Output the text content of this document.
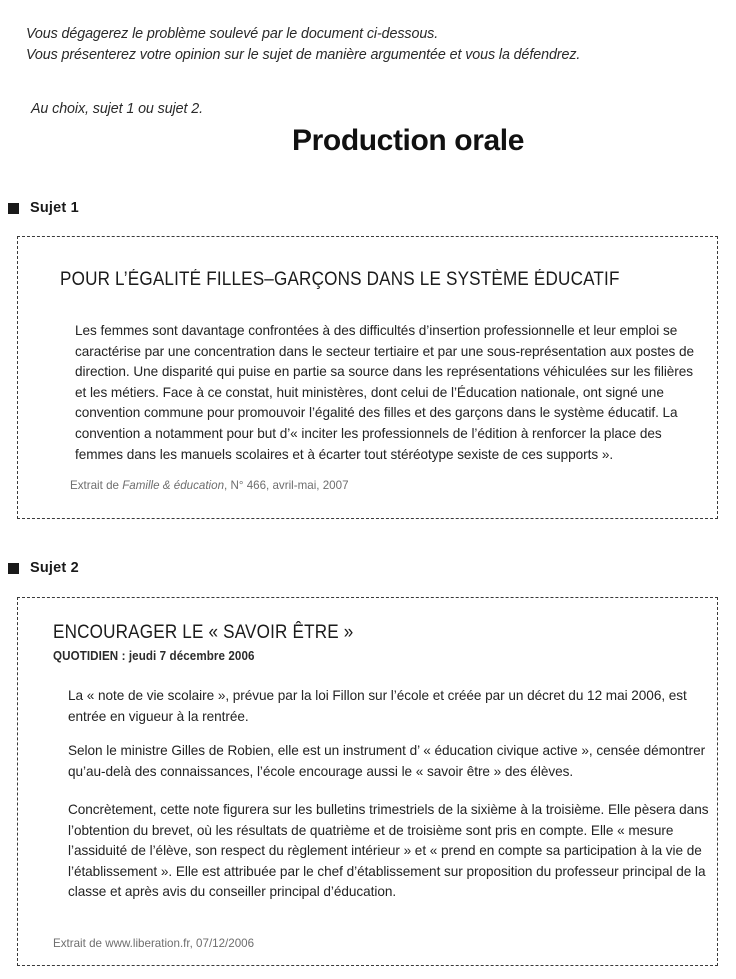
Vous dégagerez le problème soulevé par le document ci-dessous.

Vous présenterez votre opinion sur le sujet de manière argumentée et vous la défendrez.

Au choix, sujet 1 ou sujet 2.
Production orale
Sujet 1
POUR L’ÉGALITÉ FILLES–GARÇONS DANS LE SYSTÈME ÉDUCATIF
Les femmes sont davantage confrontées à des difficultés d’insertion professionnelle et leur emploi se caractérise par une concentration dans le secteur tertiaire et par une sous-représentation aux postes de direction. Une disparité qui puise en partie sa source dans les représentations véhiculées sur les filières et les métiers. Face à ce constat, huit ministères, dont celui de l’Éducation nationale, ont signé une convention commune pour promouvoir l’égalité des filles et des garçons dans le système éducatif. La convention a notamment pour but d’« inciter les professionnels de l’édition à renforcer la place des femmes dans les manuels scolaires et à écarter tout stéréotype sexiste de ces supports ».
Extrait de Famille & éducation, N° 466, avril-mai, 2007
Sujet 2
ENCOURAGER LE « SAVOIR ÊTRE »
QUOTIDIEN : jeudi 7 décembre 2006
La « note de vie scolaire », prévue par la loi Fillon sur l’école et créée par un décret du 12 mai 2006, est entrée en vigueur à la rentrée.
Selon le ministre Gilles de Robien, elle est un instrument d’ « éducation civique active », censée démontrer qu’au-delà des connaissances, l’école encourage aussi le « savoir être » des élèves.
Concrètement, cette note figurera sur les bulletins trimestriels de la sixième à la troisième. Elle pèsera dans l’obtention du brevet, où les résultats de quatrième et de troisième sont pris en compte. Elle « mesure l’assiduité de l’élève, son respect du règlement intérieur » et « prend en compte sa participation à la vie de l’établissement ». Elle est attribuée par le chef d’établissement sur proposition du professeur principal de la classe et après avis du conseiller principal d’éducation.
Extrait de www.liberation.fr, 07/12/2006
